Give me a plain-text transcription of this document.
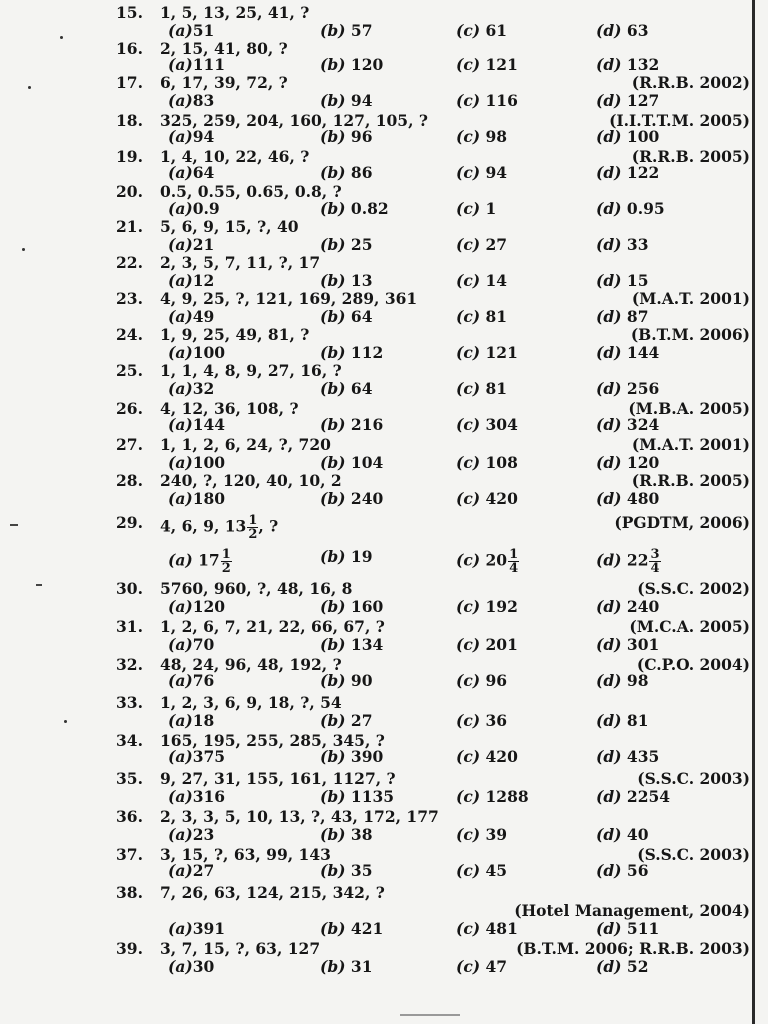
15. 1, 5, 13, 25, 41, ?
(a)51	(b) 57	(c) 61	(d) 63
16. 2, 15, 41, 80, ?
(a)111	(b) 120	(c) 121	(d) 132
17. 6, 17, 39, 72, ?	(R.R.B. 2002)
(a)83	(b) 94	(c) 116	(d) 127
18. 325, 259, 204, 160, 127, 105, ?	(I.I.T.T.M. 2005)
(a)94	(b) 96	(c) 98	(d) 100
19. 1, 4, 10, 22, 46, ?	(R.R.B. 2005)
(a)64	(b) 86	(c) 94	(d) 122
20. 0.5, 0.55, 0.65, 0.8, ?
(a)0.9	(b) 0.82	(c) 1	(d) 0.95
21. 5, 6, 9, 15, ?, 40
(a)21	(b) 25	(c) 27	(d) 33
22. 2, 3, 5, 7, 11, ?, 17
(a)12	(b) 13	(c) 14	(d) 15
23. 4, 9, 25, ?, 121, 169, 289, 361	(M.A.T. 2001)
(a)49	(b) 64	(c) 81	(d) 87
24. 1, 9, 25, 49, 81, ?	(B.T.M. 2006)
(a)100	(b) 112	(c) 121	(d) 144
25. 1, 1, 4, 8, 9, 27, 16, ?
(a)32	(b) 64	(c) 81	(d) 256
26. 4, 12, 36, 108, ?	(M.B.A. 2005)
(a)144	(b) 216	(c) 304	(d) 324
27. 1, 1, 2, 6, 24, ?, 720	(M.A.T. 2001)
(a)100	(b) 104	(c) 108	(d) 120
28. 240, ?, 120, 40, 10, 2	(R.R.B. 2005)
(a)180	(b) 240	(c) 420	(d) 480
29. 4, 6, 9, $13 \frac{1}{2}$ , ?	(PGDTM, 2006)
(a) $17 \frac{1}{2}$	(b) 19	(c) $20 \frac{1}{4}$	(d) $22 \frac{3}{4}$
30. 5760, 960, ?, 48, 16, 8	(S.S.C. 2002)
(a)120	(b) 160	(c) 192	(d) 240
31. 1, 2, 6, 7, 21, 22, 66, 67, ?	(M.C.A. 2005)
(a)70	(b) 134	(c) 201	(d) 301
32. 48, 24, 96, 48, 192, ?	(C.P.O. 2004)
(a)76	(b) 90	(c) 96	(d) 98
33. 1, 2, 3, 6, 9, 18, ?, 54
(a)18	(b) 27	(c) 36	(d) 81
34. 165, 195, 255, 285, 345, ?
(a)375	(b) 390	(c) 420	(d) 435
35. 9, 27, 31, 155, 161, 1127, ?	(S.S.C. 2003)
(a)316	(b) 1135	(c) 1288	(d) 2254
36. 2, 3, 3, 5, 10, 13, ?, 43, 172, 177
(a)23	(b) 38	(c) 39	(d) 40
37. 3, 15, ?, 63, 99, 143	(S.S.C. 2003)
(a)27	(b) 35	(c) 45	(d) 56
38. 7, 26, 63, 124, 215, 342, ?
(Hotel Management, 2004)
(a)391	(b) 421	(c) 481	(d) 511
39. 3, 7, 15, ?, 63, 127	(B.T.M. 2006; R.R.B. 2003)
(a)30	(b) 31	(c) 47	(d) 52
